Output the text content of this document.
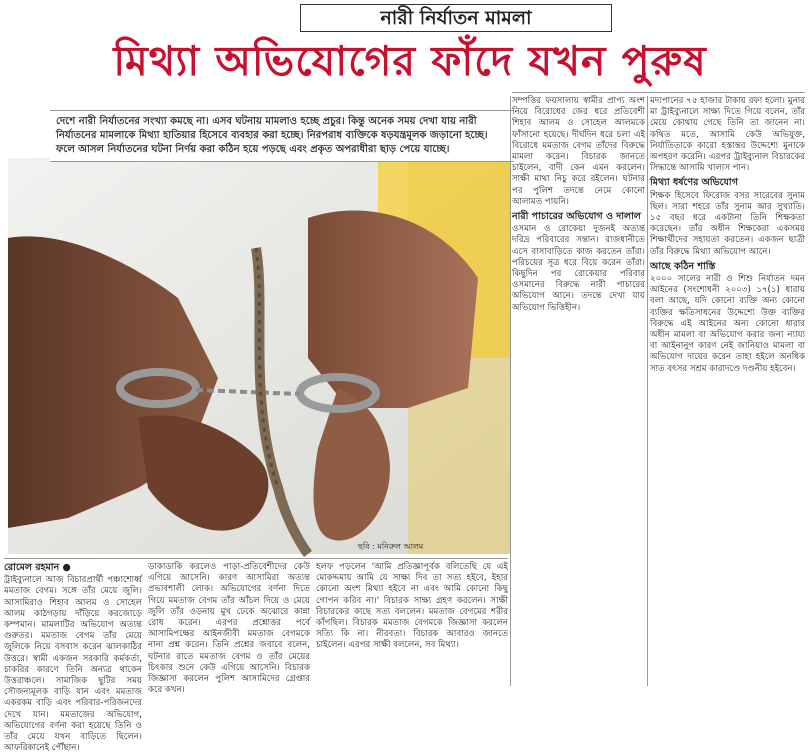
নারী নির্যাতন মামলা
মিথ্যা অভিযোগের ফাঁদে যখন পুরুষ
দেশে নারী নির্যাতনের সংখ্যা কমছে না। এসব ঘটনায় মামলাও হচ্ছে প্রচুর। কিন্তু অনেক সময় দেখা যায় নারী নির্যাতনের মামলাকে মিথ্যা হাতিয়ার হিসেবে ব্যবহার করা হচ্ছে। নিরপরাধ ব্যক্তিকে ষড়যন্ত্রমূলক জড়ানো হচ্ছে। ফলে আসল নির্যাতনের ঘটনা নির্ণয় করা কঠিন হয়ে পড়ছে এবং প্রকৃত অপরাধীরা ছাড় পেয়ে যাচ্ছে।
ছবি : মনিরুল আলম
রোমেল রহমান ●

ট্রাইব্যুনালে আজ বিচারপ্রার্থী পঞ্চাশোর্ধ্ব মমতাজ বেগম। সঙ্গে তাঁর মেয়ে জুলি। আসামিরাও শিহাব আলম ও সোহেল আলম কাঠগড়ায় দাঁড়িয়ে করজোড়ে কম্পমান। মামলাটির অভিযোগ অত্যন্ত গুরুতর। মমতাজ বেগম তাঁর মেয়ে জুলিকে নিয়ে বসবাস করেন ঝালকাঠির উত্তরে। স্বামী একজন সরকারি কর্মকর্তা, চাকরির কারণে তিনি অন্যত্র থাকেন উত্তরাঞ্চলে। সামাজিক ছুটির সময় সৌজন্যমূলক বাড়ি যান এবং মমতাজ একরকম বাড়ি এবং পরিবার-পরিজনদের দেখে যান। মমতাজের অভিযোগ, অভিযোগের বর্ণনা করা হয়েছে তিনি ও তাঁর মেয়ে যখন বাড়িতে ছিলেন। আফরিকানেই পৌঁছান।

ডাকাডাকি করলেও পাড়া-প্রতিবেশীদের কেউ এগিয়ে আসেনি। কারণ আসামিরা অত্যন্ত প্রভাবশালী লোক। অভিযোগের বর্ণনা দিতে গিয়ে মমতাজ বেগম তাঁর আঁচল দিয়ে ও মেয়ে জুলি তাঁর ওড়নায় মুখ ঢেকে অঝোরে কান্না রোধ করেন। এরপর প্রশ্নোত্তর পর্বে আসামিপক্ষের আইনজীবী মমতাজ বেগমকে নানা প্রশ্ন করেন। তিনি প্রশ্নের জবাবে বলেন, ঘটনার রাতে মমতাজ বেগম ও তাঁর মেয়ের চিৎকার শুনে কেউ এগিয়ে আসেনি। বিচারক জিজ্ঞাসা করলেন পুলিশ আসামিদের গ্রেপ্তার করে কখন।

হলফ পড়লেন 'আমি প্রতিজ্ঞাপূর্বক বলিতেছি যে এই মোকদ্দমায় আমি যে সাক্ষ্য দিব তা সত্য হইবে, ইহার কোনো অংশ মিথ্যা হইবে না এবং আমি কোনো কিছু গোপন করিব না।' বিচারক সাক্ষ্য গ্রহণ করলেন। সাক্ষী বিচারকের কাছে সত্য বললেন। মমতাজ বেগমের শরীর কাঁপছিল। বিচারক মমতাজ বেগমকে জিজ্ঞাসা করলেন সত্যি কি না। নীরবতা। বিচারক আবারও জানতে চাইলেন। এরপর সাক্ষী বললেন, সব মিথ্যা।

সম্পত্তির ফয়সালায় স্বামীর প্রাপ্য অংশ নিয়ে বিরোধের জের ধরে প্রতিবেশী শিহাব আলম ও সোহেল আলমকে ফাঁসানো হয়েছে। দীর্ঘদিন ধরে চলা এই বিরোধে মমতাজ বেগম তাঁদের বিরুদ্ধে মামলা করেন। বিচারক জানতে চাইলেন, বাদী কেন এমন করলেন। সাক্ষী মাথা নিচু করে রইলেন। ঘটনার পর পুলিশ তদন্তে নেমে কোনো আলামত পায়নি।

নারী পাচারের অভিযোগ ও দালাল

ওসমান ও রোকেয়া দুজনই অত্যন্ত দরিদ্র পরিবারের সন্তান। রাজধানীতে এসে বাসাবাড়িতে কাজ করতেন তাঁরা। পরিচয়ের সূত্র ধরে বিয়ে করেন তাঁরা। কিছুদিন পর রোকেয়ার পরিবার ওসমানের বিরুদ্ধে নারী পাচারের অভিযোগ আনে। তদন্তে দেখা যায় অভিযোগ ভিত্তিহীন।

মদ্যপানের ৭৫ হাজার টাকায় রফা হলো। মুনার মা ট্রাইব্যুনালে সাক্ষ্য দিতে গিয়ে বলেন, তাঁর মেয়ে কোথায় গেছে তিনি তা জানেন না। কথিত মতে, আসামি কেউ অভিযুক্ত, নির্যাতিতাকে কারো হস্তান্তর উদ্দেশ্যে মুনাকে অপহরণ করেনি। এরপর ট্রাইব্যুনাল বিচারকের সিদ্ধান্তে আসামি খালাস পান।

মিথ্যা ধর্ষণের অভিযোগ

শিক্ষক হিসেবে ফিরোজ বসর সারেবের সুনাম ছিল। সারা শহরে তাঁর সুনাম আর সুখ্যাতি। ১৫ বছর ধরে একটানা তিনি শিক্ষকতা করেছেন। তাঁর অধীন শিক্ষকেরা একসময় শিক্ষার্থীদের সহায়তা করতেন। একজন ছাত্রী তাঁর বিরুদ্ধে মিথ্যা অভিযোগ আনে।

আছে কঠিন শাস্তি

২০০০ সালের নারী ও শিশু নির্যাতন দমন আইনের (সংশোধনী ২০০৩) ১৭(১) ধারায় বলা আছে, যদি কোনো ব্যক্তি অন্য কোনো ব্যক্তির ক্ষতিসাধনের উদ্দেশ্যে উক্ত ব্যক্তির বিরুদ্ধে এই আইনের অন্য কোনো ধারার অধীন মামলা বা অভিযোগ করার জন্য ন্যায্য বা আইনানুগ কারণ নেই জানিয়াও মামলা বা অভিযোগ দায়ের করেন তাহা হইলে অনধিক সাত বৎসর সশ্রম কারাদণ্ডে দণ্ডনীয় হইবেন।
